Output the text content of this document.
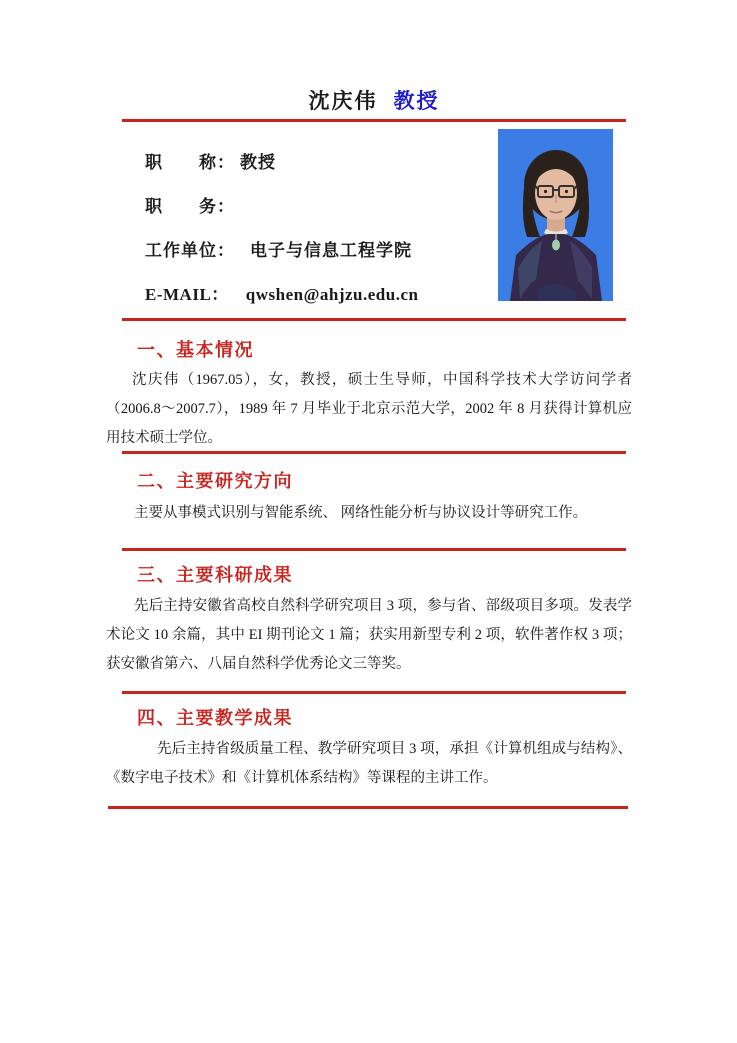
沈庆伟 教授
职　　称： 教授
职　　务：
工作单位： 电子与信息工程学院
E-MAIL： qwshen@ahjzu.edu.cn
一、基本情况

沈庆伟（1967.05），女，教授，硕士生导师，中国科学技术大学访问学者（2006.8～2007.7），1989 年 7 月毕业于北京示范大学，2002 年 8 月获得计算机应用技术硕士学位。

二、主要研究方向

主要从事模式识别与智能系统、 网络性能分析与协议设计等研究工作。

三、主要科研成果

先后主持安徽省高校自然科学研究项目 3 项，参与省、部级项目多项。发表学术论文 10 余篇，其中 EI 期刊论文 1 篇；获实用新型专利 2 项，软件著作权 3 项；获安徽省第六、八届自然科学优秀论文三等奖。

四、主要教学成果

先后主持省级质量工程、教学研究项目 3 项，承担《计算机组成与结构》、《数字电子技术》和《计算机体系结构》等课程的主讲工作。
